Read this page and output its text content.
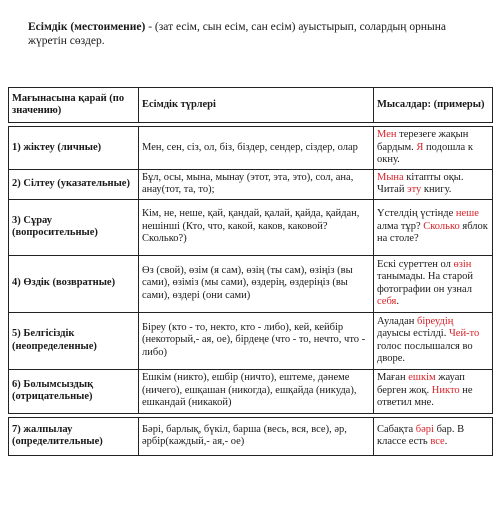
Есімдік (местоимение) - (зат есім, сын есім, сан есім) ауыстырып, солардың орнына жүретін сөздер.
Мағынасына қарай (по значению)	Есімдік түрлері	Мысалдар: (примеры)

1) жіктеу (личные)	Мен, сен, сіз, ол, біз, біздер, сендер, сіздер, олар	Мен терезеге жақын бардым. Я подошла к окну.
2) Сілтеу (указательные)	Бұл, осы, мына, мынау (этот, эта, это), сол, ана, анау(тот, та, то);	Мына кітапты оқы. Читай эту книгу.
3) Сұрау (вопросительные)	Кім, не, неше, қай, қандай, қалай, қайда, қайдан, нешінші (Кто, что, какой, каков, каковой? Сколько?)	Үстелдің үстінде неше алма тұр? Сколько яблок на столе?
4) Өздік (возвратные)	Өз (свой), өзім (я сам), өзің (ты сам), өзіңіз (вы сами), өзіміз (мы сами), өздерің, өздеріңіз (вы сами), өздері (они сами)	Ескі суреттен ол өзін танымады. На старой фотографии он узнал себя.
5) Белгісіздік (неопределенные)	Біреу (кто - то, некто, кто - либо), кей, кейбір (некоторый,- ая, ое), бірдеңе (что - то, нечто, что - либо)	Ауладан біреудің дауысы естілді. Чей-то голос послышался во дворе.
6) Болымсыздық (отрицательные)	Ешкім (никто), ешбір (ничто), ештеме, дәнеме (ничего), ешқашан (никогда), ешқайда (никуда), ешкандай (никакой)	Маған ешкім жауап берген жоқ. Никто не ответил мне.

7) жалпылау (определительные)	Бәрі, барлық, бүкіл, барша (весь, вся, все), әр, әрбір(каждый,- ая,- ое)	Сабақта бәрі бар. В классе есть все.
